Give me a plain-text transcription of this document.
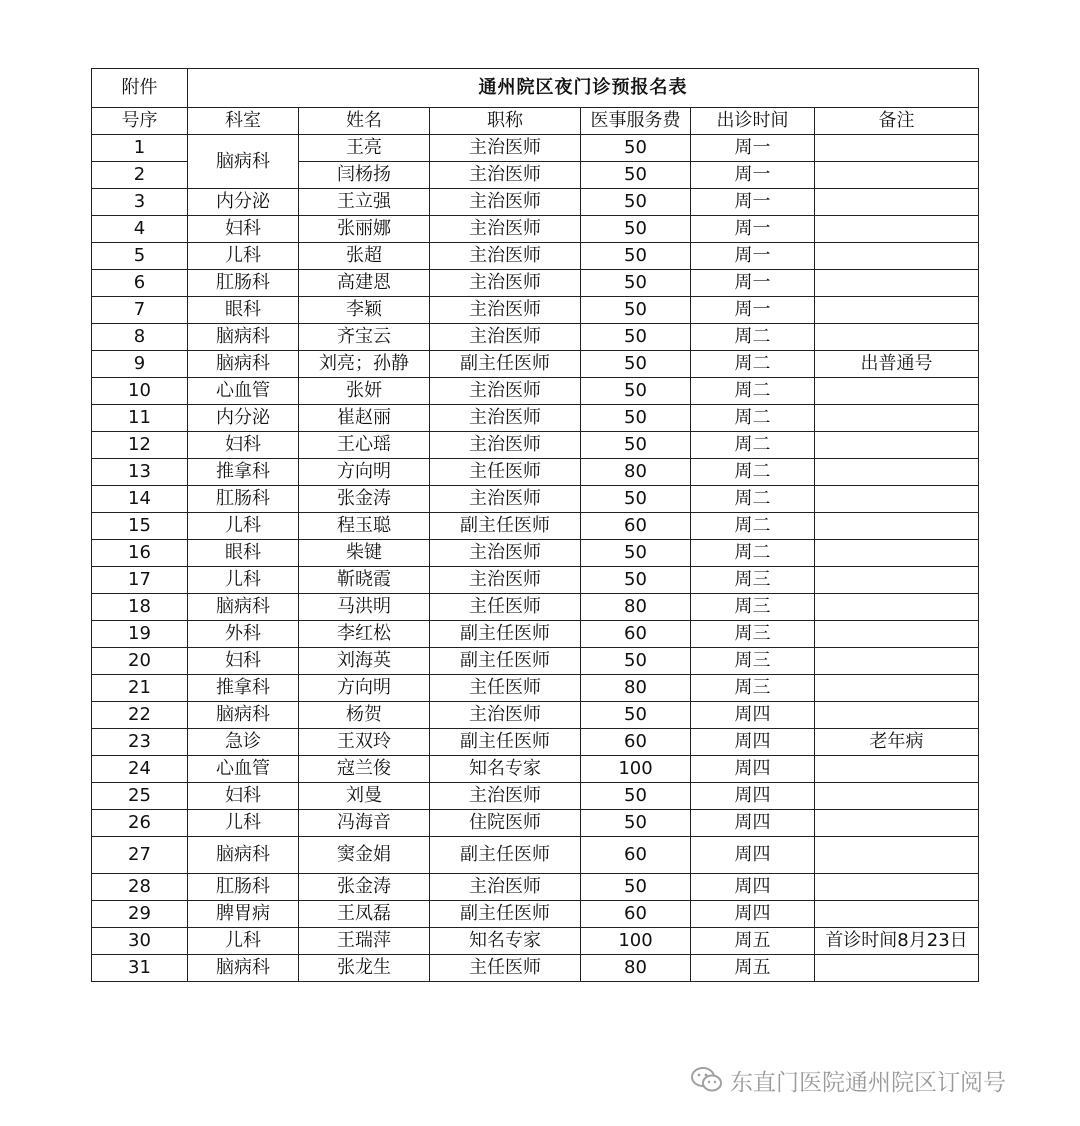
附件	通州院区夜门诊预报名表					
号序	科室	姓名	职称	医事服务费	出诊时间	备注
1	脑病科	王亮	主治医师	50	周一	
2		闫杨扬	主治医师	50	周一	
3	内分泌	王立强	主治医师	50	周一	
4	妇科	张丽娜	主治医师	50	周一	
5	儿科	张超	主治医师	50	周一	
6	肛肠科	高建恩	主治医师	50	周一	
7	眼科	李颖	主治医师	50	周一	
8	脑病科	齐宝云	主治医师	50	周二	
9	脑病科	刘亮；孙静	副主任医师	50	周二	出普通号
10	心血管	张妍	主治医师	50	周二	
11	内分泌	崔赵丽	主治医师	50	周二	
12	妇科	王心瑶	主治医师	50	周二	
13	推拿科	方向明	主任医师	80	周二	
14	肛肠科	张金涛	主治医师	50	周二	
15	儿科	程玉聪	副主任医师	60	周二	
16	眼科	柴键	主治医师	50	周二	
17	儿科	靳晓霞	主治医师	50	周三	
18	脑病科	马洪明	主任医师	80	周三	
19	外科	李红松	副主任医师	60	周三	
20	妇科	刘海英	副主任医师	50	周三	
21	推拿科	方向明	主任医师	80	周三	
22	脑病科	杨贺	主治医师	50	周四	
23	急诊	王双玲	副主任医师	60	周四	老年病
24	心血管	寇兰俊	知名专家	100	周四	
25	妇科	刘曼	主治医师	50	周四	
26	儿科	冯海音	住院医师	50	周四	
27	脑病科	窦金娟	副主任医师	60	周四	
28	肛肠科	张金涛	主治医师	50	周四	
29	脾胃病	王凤磊	副主任医师	60	周四	
30	儿科	王瑞萍	知名专家	100	周五	首诊时间8月23日
31	脑病科	张龙生	主任医师	80	周五	
东直门医院通州院区订阅号
